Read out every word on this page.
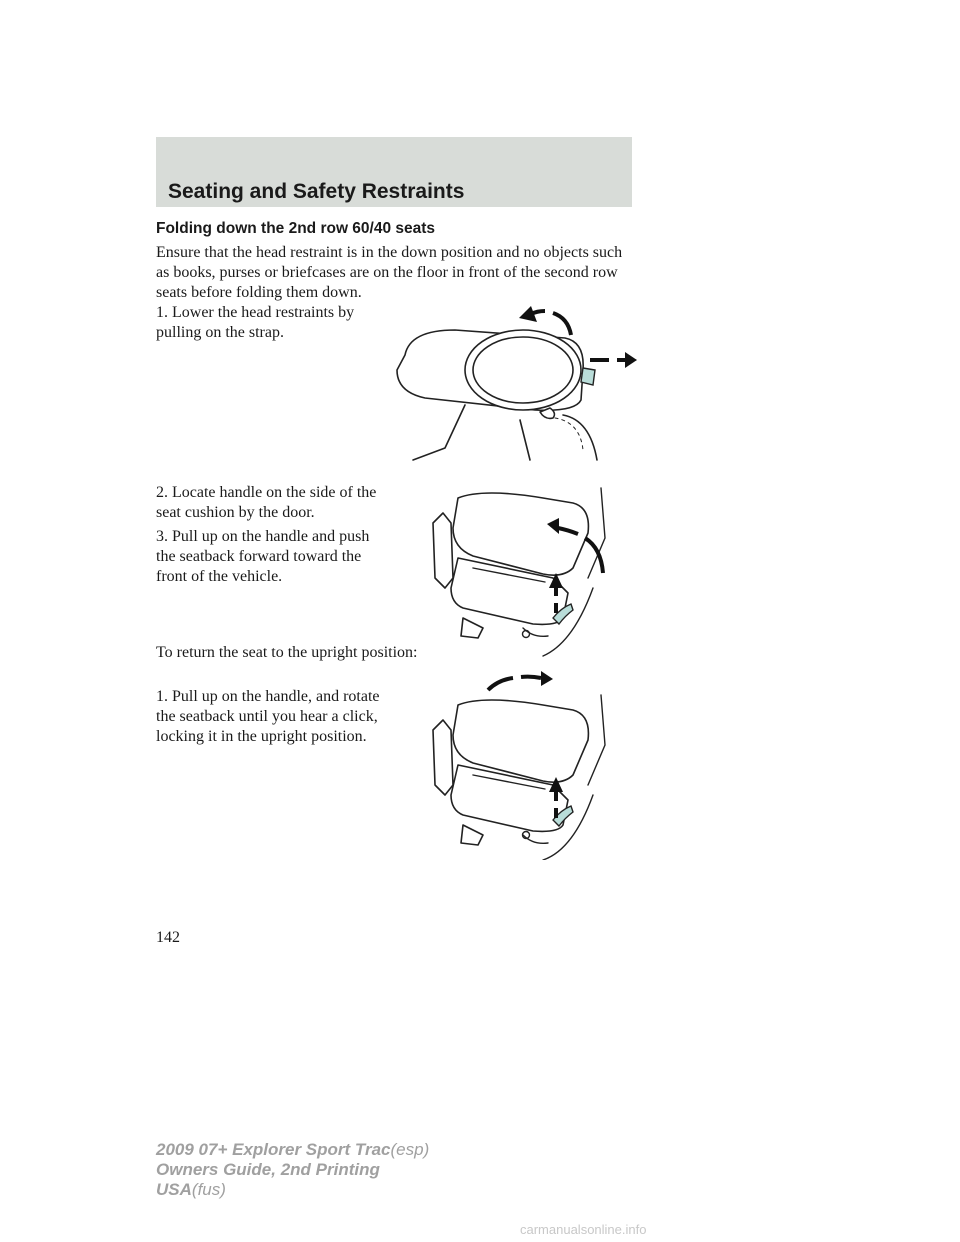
Seating and Safety Restraints
Folding down the 2nd row 60/40 seats
Ensure that the head restraint is in the down position and no objects such as books, purses or briefcases are on the floor in front of the second row seats before folding them down.
1. Lower the head restraints by pulling on the strap.
2. Locate handle on the side of the seat cushion by the door.
3. Pull up on the handle and push the seatback forward toward the front of the vehicle.
To return the seat to the upright position:
1. Pull up on the handle, and rotate the seatback until you hear a click, locking it in the upright position.
142
2009 07+ Explorer Sport Trac(esp)
Owners Guide, 2nd Printing
USA(fus)
carmanualsonline.info
